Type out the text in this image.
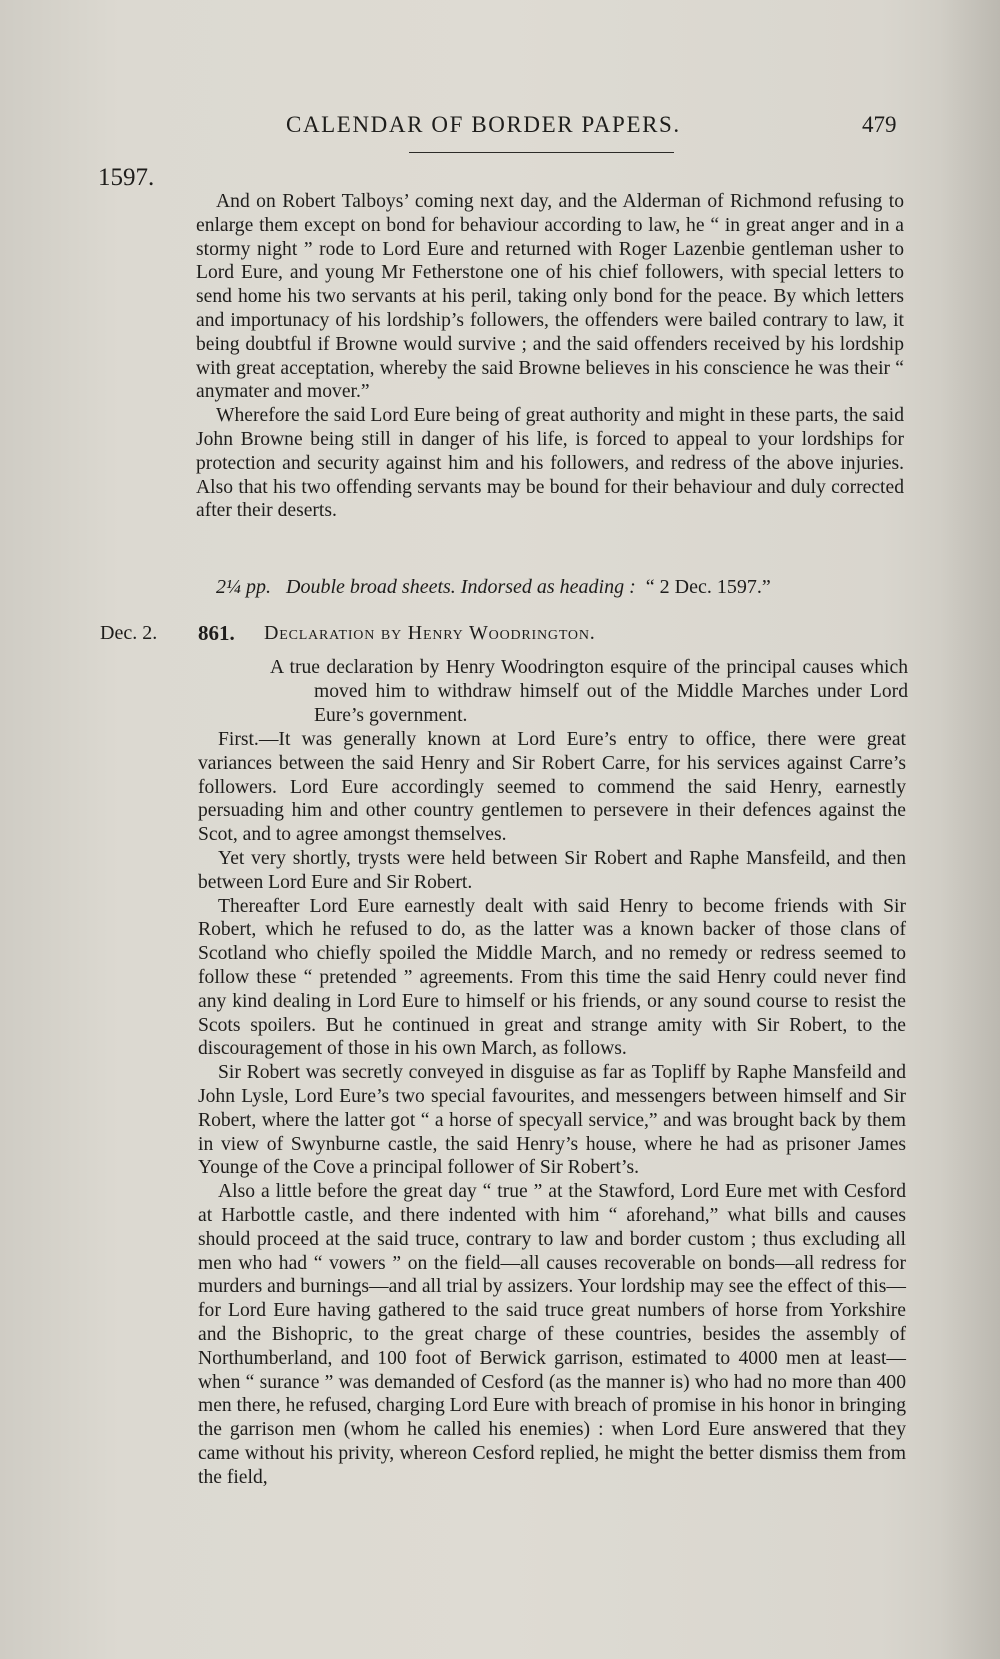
CALENDAR OF BORDER PAPERS.	479
1597.

And on Robert Talboys’ coming next day, and the Alderman of Richmond refusing to enlarge them except on bond for behaviour according to law, he “ in great anger and in a stormy night ” rode to Lord Eure and returned with Roger Lazenbie gentleman usher to Lord Eure, and young Mr Fetherstone one of his chief followers, with special letters to send home his two servants at his peril, taking only bond for the peace. By which letters and importunacy of his lordship’s followers, the offenders were bailed contrary to law, it being doubtful if Browne would survive ; and the said offenders received by his lordship with great acceptation, whereby the said Browne believes in his conscience he was their “ anymater and mover.”

Wherefore the said Lord Eure being of great authority and might in these parts, the said John Browne being still in danger of his life, is forced to appeal to your lordships for protection and security against him and his followers, and redress of the above injuries. Also that his two offending servants may be bound for their behaviour and duly corrected after their deserts.

2¼ pp. Double broad sheets. Indorsed as heading : “ 2 Dec. 1597.”
Dec. 2. 861. Declaration by Henry Woodrington.

A true declaration by Henry Woodrington esquire of the principal causes which moved him to withdraw himself out of the Middle Marches under Lord Eure’s government.

First.—It was generally known at Lord Eure’s entry to office, there were great variances between the said Henry and Sir Robert Carre, for his services against Carre’s followers. Lord Eure accordingly seemed to commend the said Henry, earnestly persuading him and other country gentlemen to persevere in their defences against the Scot, and to agree amongst themselves.

Yet very shortly, trysts were held between Sir Robert and Raphe Mansfeild, and then between Lord Eure and Sir Robert.

Thereafter Lord Eure earnestly dealt with said Henry to become friends with Sir Robert, which he refused to do, as the latter was a known backer of those clans of Scotland who chiefly spoiled the Middle March, and no remedy or redress seemed to follow these “ pretended ” agreements. From this time the said Henry could never find any kind dealing in Lord Eure to himself or his friends, or any sound course to resist the Scots spoilers. But he continued in great and strange amity with Sir Robert, to the discouragement of those in his own March, as follows.

Sir Robert was secretly conveyed in disguise as far as Topliff by Raphe Mansfeild and John Lysle, Lord Eure’s two special favourites, and messengers between himself and Sir Robert, where the latter got “ a horse of specyall service,” and was brought back by them in view of Swynburne castle, the said Henry’s house, where he had as prisoner James Younge of the Cove a principal follower of Sir Robert’s.

Also a little before the great day “ true ” at the Stawford, Lord Eure met with Cesford at Harbottle castle, and there indented with him “ aforehand,” what bills and causes should proceed at the said truce, contrary to law and border custom ; thus excluding all men who had “ vowers ” on the field—all causes recoverable on bonds—all redress for murders and burnings—and all trial by assizers. Your lordship may see the effect of this—for Lord Eure having gathered to the said truce great numbers of horse from Yorkshire and the Bishopric, to the great charge of these countries, besides the assembly of Northumberland, and 100 foot of Berwick garrison, estimated to 4000 men at least—when “ surance ” was demanded of Cesford (as the manner is) who had no more than 400 men there, he refused, charging Lord Eure with breach of promise in his honor in bringing the garrison men (whom he called his enemies) : when Lord Eure answered that they came without his privity, whereon Cesford replied, he might the better dismiss them from the field,
